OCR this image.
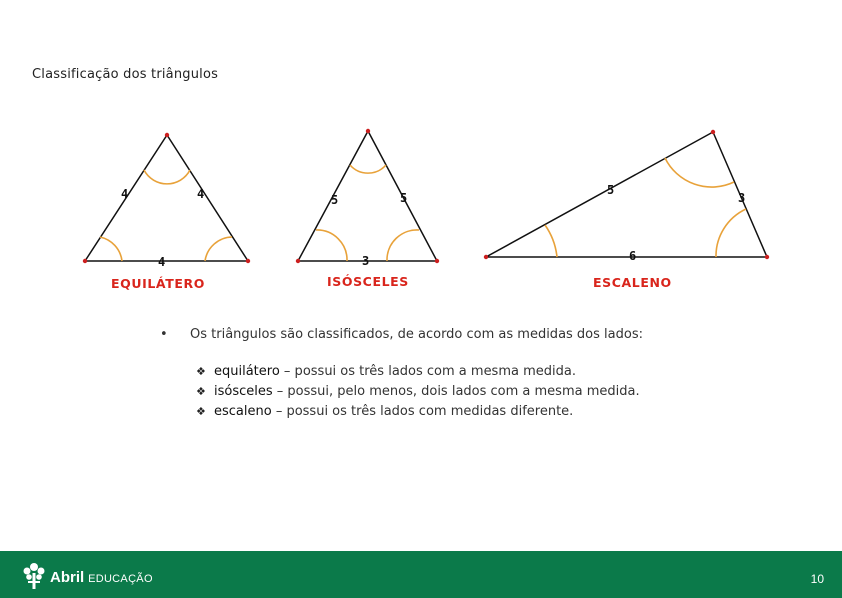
Classificação dos triângulos
4	4
4
EQUILÁTERO
5	5
3
ISÓSCELES
5
3
6
ESCALENO
• Os triângulos são classificados, de acordo com as medidas dos lados:
❖ equilátero – possui os três lados com a mesma medida.
❖ isósceles – possui, pelo menos, dois lados com a mesma medida.
❖ escaleno – possui os três lados com medidas diferente.
Abril EDUCAÇÃO	10
